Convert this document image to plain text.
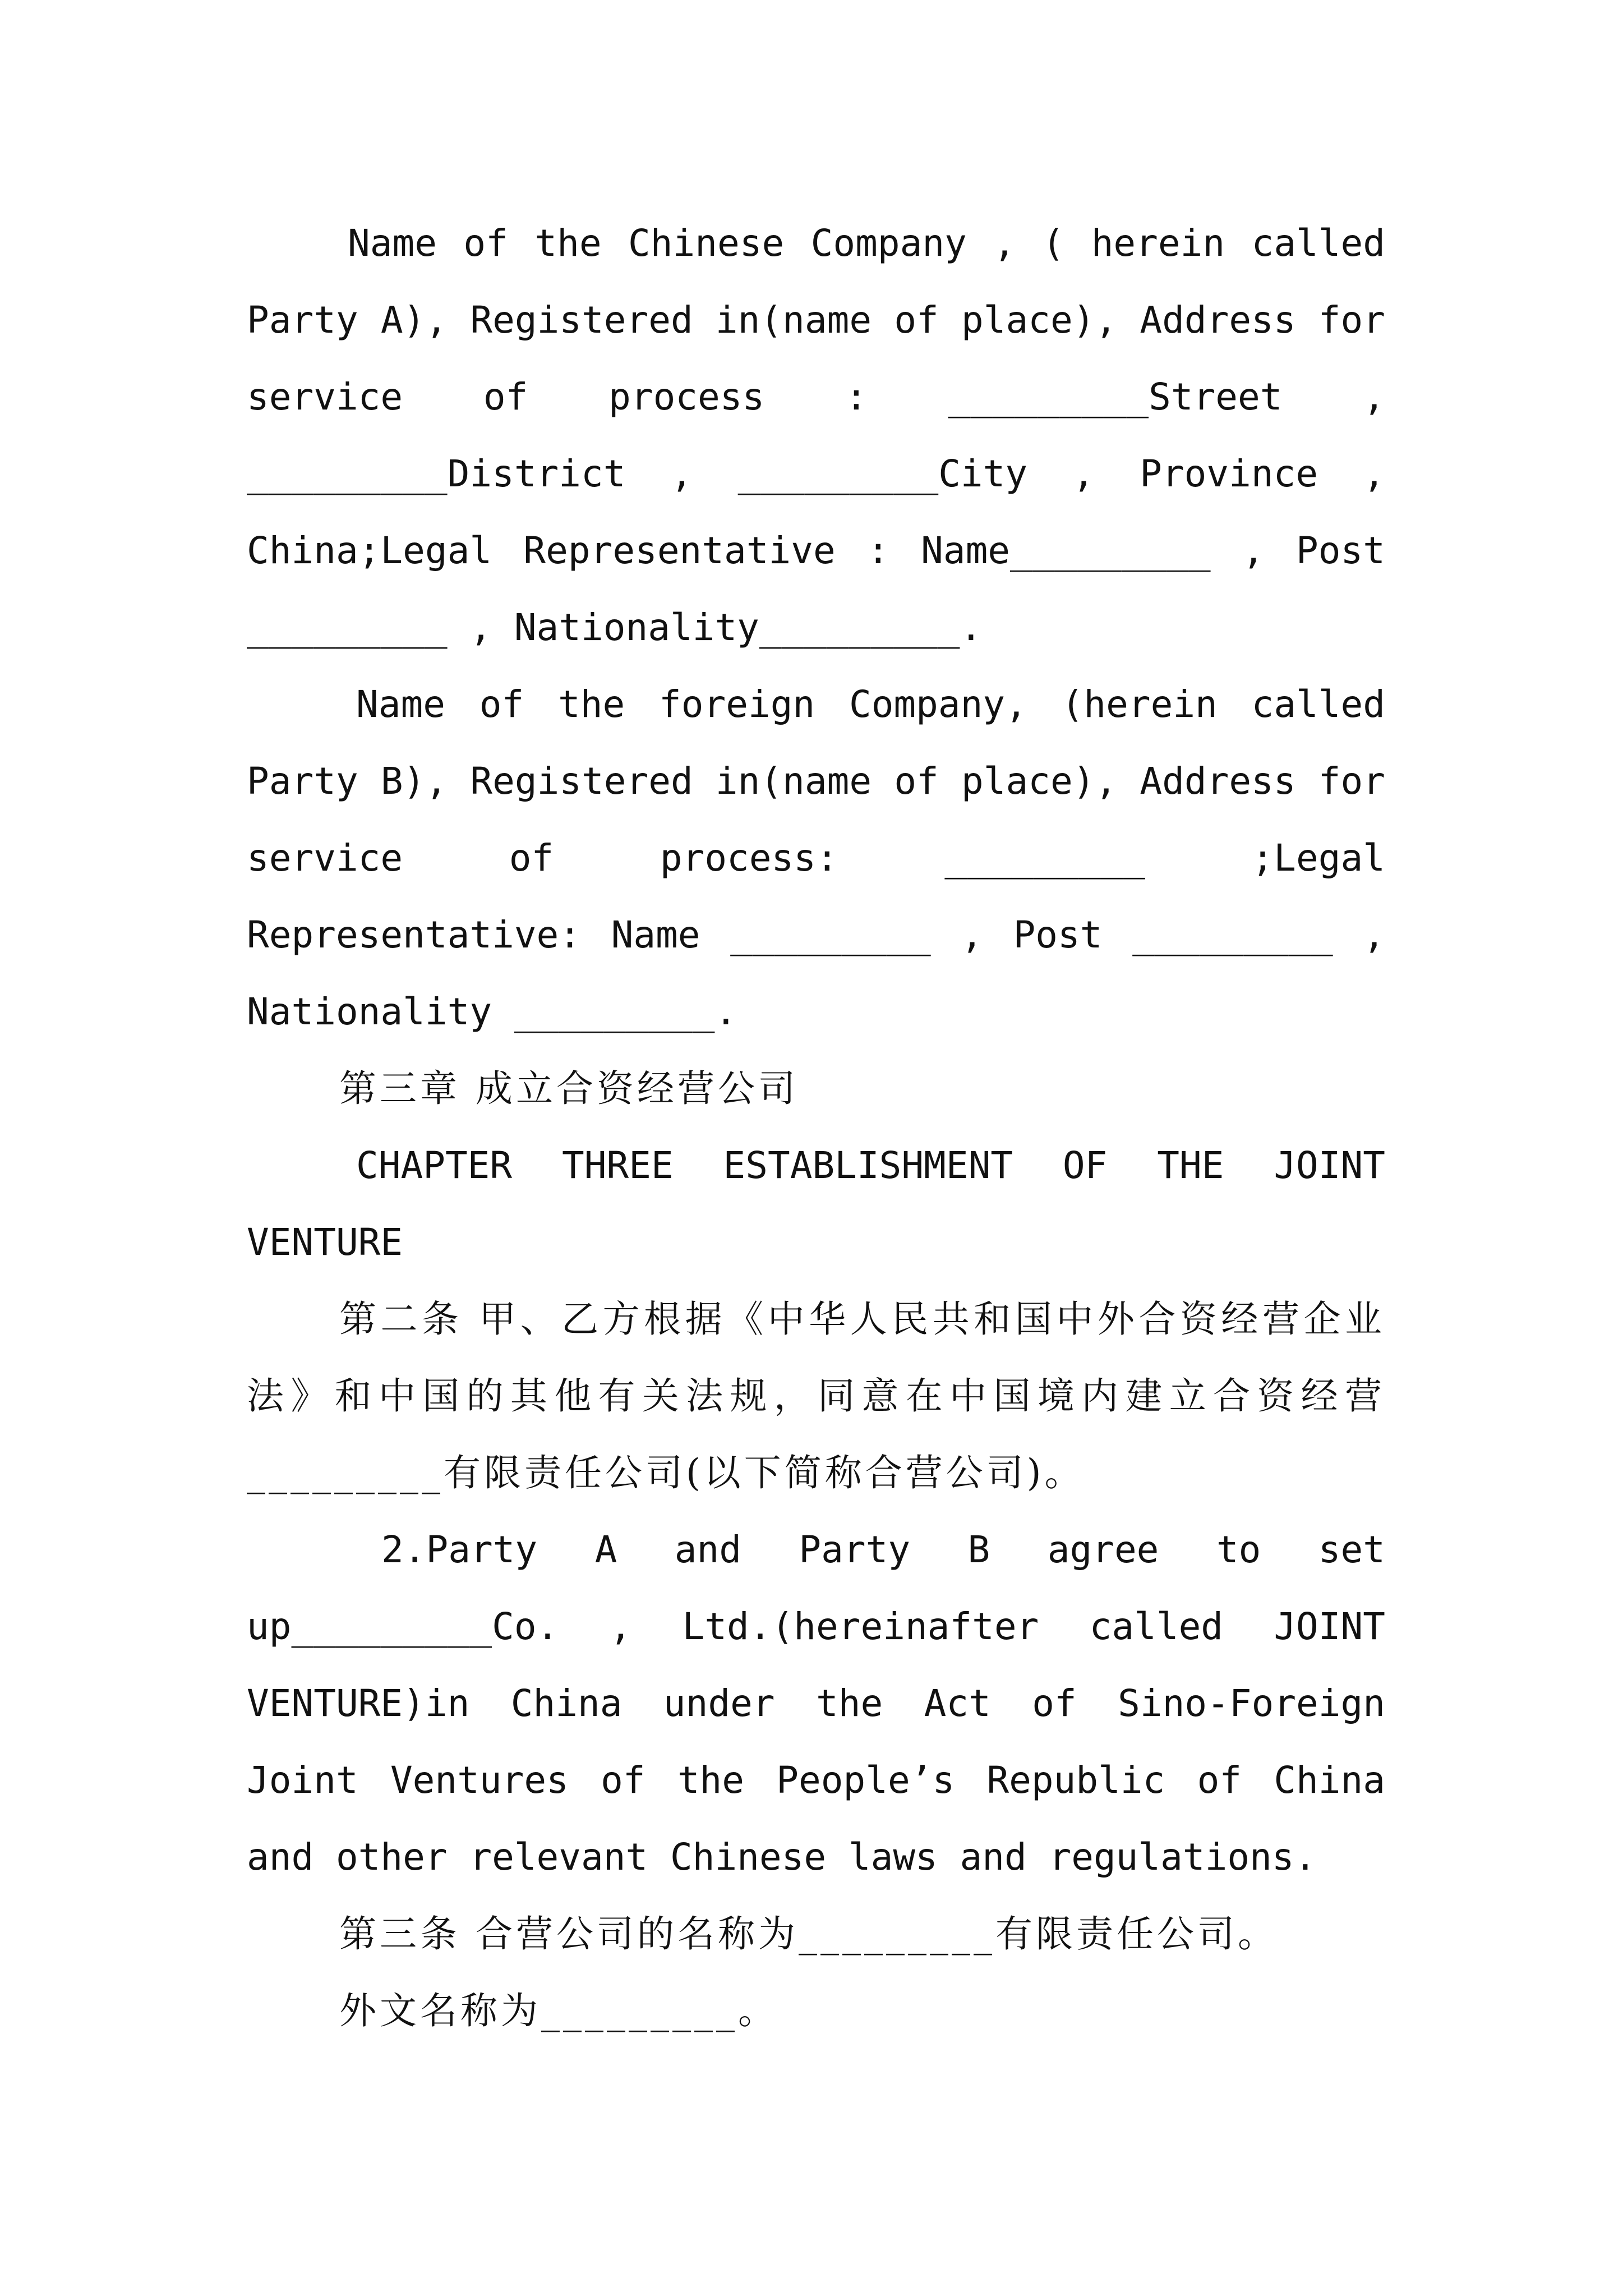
Name of the Chinese Company , ( herein called Party A), Registered in(name of place), Address for service of process : _________Street , _________District , _________City , Province , China;Legal Representative : Name_________ , Post _________ , Nationality_________.

Name of the foreign Company, (herein called Party B), Registered in(name of place), Address for service of process: _________ ;Legal Representative: Name _________ , Post _________ , Nationality _________.

第三章 成立合资经营公司

CHAPTER THREE ESTABLISHMENT OF THE JOINT VENTURE

第二条 甲、乙方根据《中华人民共和国中外合资经营企业法》和中国的其他有关法规，同意在中国境内建立合资经营_________有限责任公司(以下简称合营公司)。

2.Party A and Party B agree to set up_________Co. , Ltd.(hereinafter called JOINT VENTURE)in China under the Act of Sino-Foreign Joint Ventures of the People’s Republic of China and other relevant Chinese laws and regulations.

第三条 合营公司的名称为_________有限责任公司。

外文名称为_________。
